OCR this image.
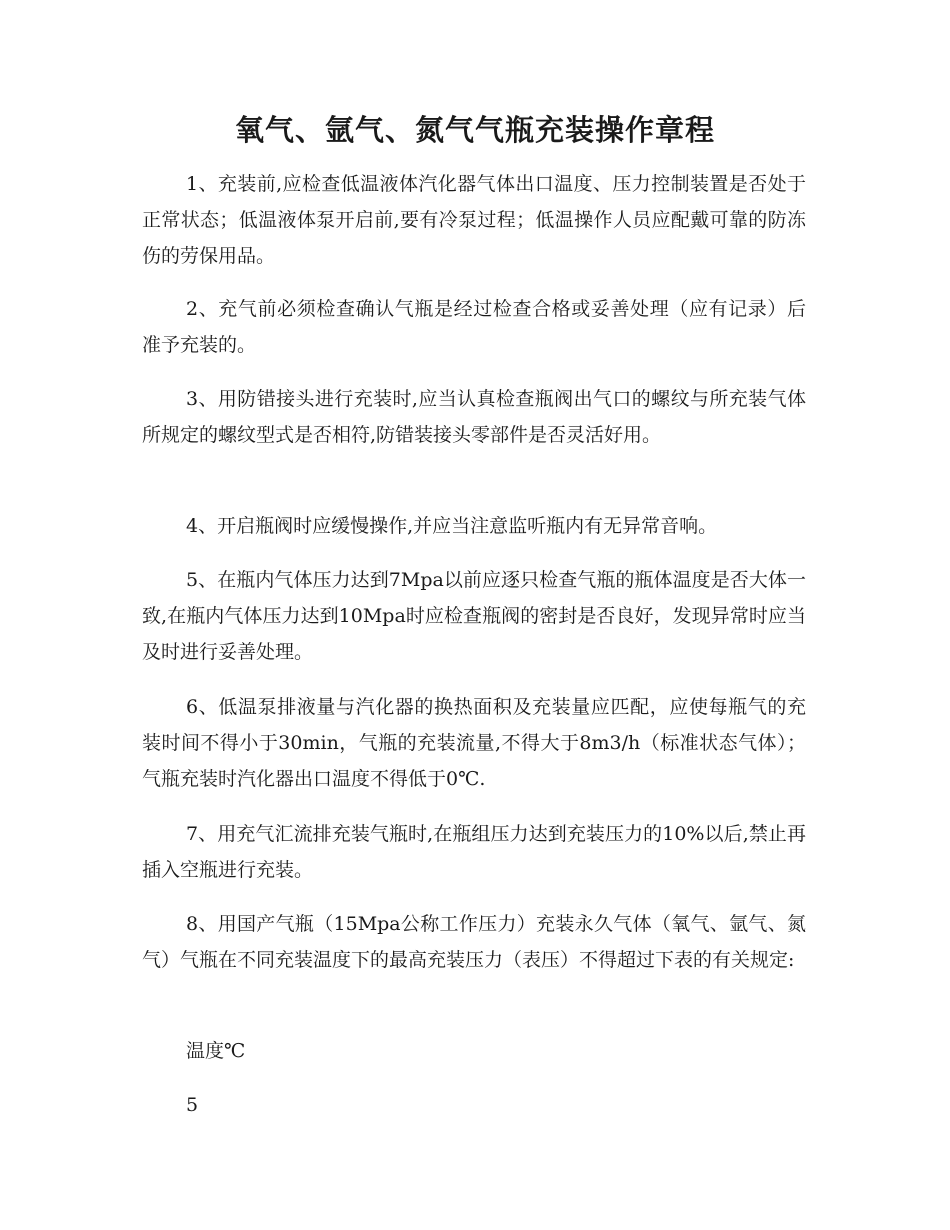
氧气、氩气、氮气气瓶充装操作章程

1、充装前,应检查低温液体汽化器气体出口温度、压力控制装置是否处于正常状态；低温液体泵开启前,要有冷泵过程；低温操作人员应配戴可靠的防冻伤的劳保用品。

2、充气前必须检查确认气瓶是经过检查合格或妥善处理（应有记录）后准予充装的。

3、用防错接头进行充装时,应当认真检查瓶阀出气口的螺纹与所充装气体所规定的螺纹型式是否相符,防错装接头零部件是否灵活好用。

4、开启瓶阀时应缓慢操作,并应当注意监听瓶内有无异常音响。

5、在瓶内气体压力达到7Mpa以前应逐只检查气瓶的瓶体温度是否大体一致,在瓶内气体压力达到10Mpa时应检查瓶阀的密封是否良好，发现异常时应当及时进行妥善处理。

6、低温泵排液量与汽化器的换热面积及充装量应匹配，应使每瓶气的充装时间不得小于30min，气瓶的充装流量,不得大于8m3/h（标准状态气体）；气瓶充装时汽化器出口温度不得低于0℃.

7、用充气汇流排充装气瓶时,在瓶组压力达到充装压力的10%以后,禁止再插入空瓶进行充装。

8、用国产气瓶（15Mpa公称工作压力）充装永久气体（氧气、氩气、氮气）气瓶在不同充装温度下的最高充装压力（表压）不得超过下表的有关规定:

温度℃

5
